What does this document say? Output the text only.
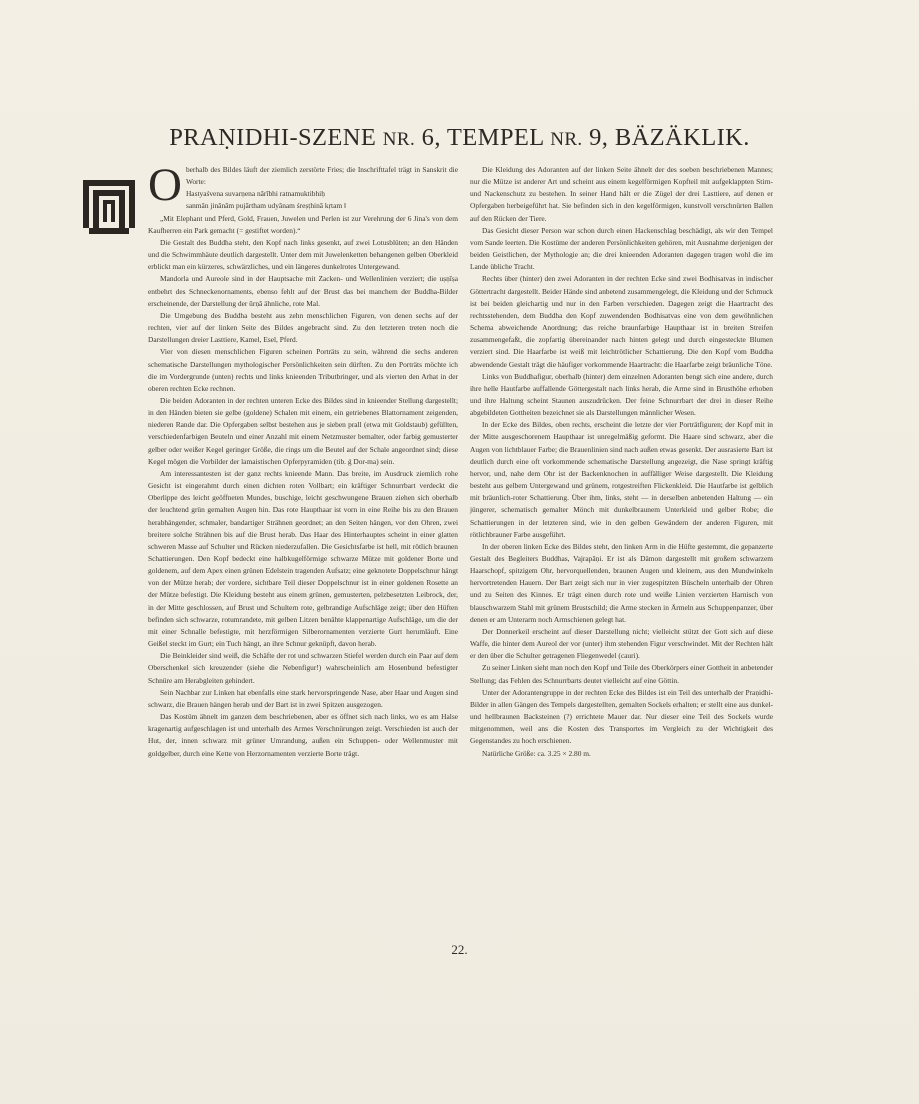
PRAṆIDHI-SZENE NR. 6, TEMPEL NR. 9, BÄZÄKLIK.
O berhalb des Bildes läuft der ziemlich zerstörte Fries; die Inschrifttafel trägt in Sanskrit die Worte:

Hastyaśvena suvarṇena nārībhi ratnamuktibhiḥ

sanmān jinānām pujārtham udyānam śreṣṭhinā kṛtam ‖

„Mit Elephant und Pferd, Gold, Frauen, Juwelen und Perlen ist zur Verehrung der 6 Jina's von dem Kaufherren ein Park gemacht (= gestiftet worden).“

Die Gestalt des Buddha steht, den Kopf nach links gesenkt, auf zwei Lotusblüten; an den Händen und die Schwimmhäute deutlich dargestellt. Unter dem mit Juwelenketten behangenen gelben Oberkleid erblickt man ein kürzeres, schwärzliches, und ein längeres dunkelrotes Untergewand.

Mandorla und Aureole sind in der Hauptsache mit Zacken- und Wellenlinien verziert; die uṣṇīṣa entbehrt des Schneckenornaments, ebenso fehlt auf der Brust das bei manchem der Buddha-Bilder erscheinende, der Darstellung der ūrṇā ähnliche, rote Mal.

Die Umgebung des Buddha besteht aus zehn menschlichen Figuren, von denen sechs auf der rechten, vier auf der linken Seite des Bildes angebracht sind. Zu den letzteren treten noch die Darstellungen dreier Lasttiere, Kamel, Esel, Pferd.

Vier von diesen menschlichen Figuren scheinen Porträts zu sein, während die sechs anderen schematische Darstellungen mythologischer Persönlichkeiten sein dürften. Zu den Porträts möchte ich die im Vordergrunde (unten) rechts und links knieenden Tributbringer, und als vierten den Arhat in der oberen rechten Ecke rechnen.

Die beiden Adoranten in der rechten unteren Ecke des Bildes sind in knieender Stellung dargestellt; in den Händen bieten sie gelbe (goldene) Schalen mit einem, ein getriebenes Blattornament zeigenden, niederen Rande dar. Die Opfergaben selbst bestehen aus je sieben prall (etwa mit Goldstaub) gefüllten, verschiedenfarbigen Beuteln und einer Anzahl mit einem Netzmuster bemalter, oder farbig gemusterter gelber oder weißer Kegel geringer Größe, die rings um die Beutel auf der Schale angeordnet sind; diese Kegel mögen die Vorbilder der lamaistischen Opferpyramiden (tib. ǵ Dor-ma) sein.

Am interessantesten ist der ganz rechts knieende Mann. Das breite, im Ausdruck ziemlich rohe Gesicht ist eingerahmt durch einen dichten roten Vollbart; ein kräftiger Schnurrbart verdeckt die Oberlippe des leicht geöffneten Mundes, buschige, leicht geschwungene Brauen ziehen sich oberhalb der leuchtend grün gemalten Augen hin. Das rote Haupthaar ist vorn in eine Reihe bis zu den Brauen herabhängender, schmaler, bandartiger Strähnen geordnet; an den Seiten hängen, vor den Ohren, zwei breitere solche Strähnen bis auf die Brust herab. Das Haar des Hinterhauptes scheint in einer glatten schweren Masse auf Schulter und Rücken niederzufallen. Die Gesichtsfarbe ist hell, mit rötlich braunen Schattierungen. Den Kopf bedeckt eine halbkugelförmige schwarze Mütze mit goldener Borte und goldenem, auf dem Apex einen grünen Edelstein tragenden Aufsatz; eine geknotete Doppelschnur hängt von der Mütze herab; der vordere, sichtbare Teil dieser Doppelschnur ist in einer goldenen Rosette an der Mütze befestigt. Die Kleidung besteht aus einem grünen, gemusterten, pelzbesetzten Leibrock, der, in der Mitte geschlossen, auf Brust und Schultern rote, gelbrandige Aufschläge zeigt; über den Hüften befinden sich schwarze, rotumrandete, mit gelben Litzen benähte klappenartige Aufschläge, um die der mit einer Schnalle befestigte, mit herzförmigen Silberornamenten verzierte Gurt herumläuft. Eine Geißel steckt im Gurt; ein Tuch hängt, an ihre Schnur geknüpft, davon herab.

Die Beinkleider sind weiß, die Schäfte der rot und schwarzen Stiefel werden durch ein Paar auf dem Oberschenkel sich kreuzender (siehe die Nebenfigur!) wahrscheinlich am Hosenbund befestigter Schnüre am Herabgleiten gehindert.

Sein Nachbar zur Linken hat ebenfalls eine stark hervorspringende Nase, aber Haar und Augen sind schwarz, die Brauen hängen herab und der Bart ist in zwei Spitzen ausgezogen.

Das Kostüm ähnelt im ganzen dem beschriebenen, aber es öffnet sich nach links, wo es am Halse kragenartig aufgeschlagen ist und unterhalb des Armes Verschnürungen zeigt. Verschieden ist auch der Hut, der, innen schwarz mit grüner Umrandung, außen ein Schuppen- oder Wellenmuster mit goldgelber, durch eine Kette von Herzornamenten verzierte Borte trägt.

Die Kleidung des Adoranten auf der linken Seite ähnelt der des soeben beschriebenen Mannes; nur die Mütze ist anderer Art und scheint aus einem kegelförmigen Kopfteil mit aufgeklappten Stirn- und Nackenschutz zu bestehen. In seiner Hand hält er die Zügel der drei Lasttiere, auf denen er Opfergaben herbeigeführt hat. Sie befinden sich in den kegelförmigen, kunstvoll verschnürten Ballen auf den Rücken der Tiere.

Das Gesicht dieser Person war schon durch einen Hackenschlag beschädigt, als wir den Tempel vom Sande leerten. Die Kostüme der anderen Persönlichkeiten gehören, mit Ausnahme derjenigen der beiden Geistlichen, der Mythologie an; die drei knieenden Adoranten dagegen tragen wohl die im Lande übliche Tracht.

Rechts über (hinter) den zwei Adoranten in der rechten Ecke sind zwei Bodhisatvas in indischer Göttertracht dargestellt. Beider Hände sind anbetend zusammengelegt, die Kleidung und der Schmuck ist bei beiden gleichartig und nur in den Farben verschieden. Dagegen zeigt die Haartracht des rechtsstehenden, dem Buddha den Kopf zuwendenden Bodhisatvas eine von dem gewöhnlichen Schema abweichende Anordnung; das reiche braunfarbige Haupthaar ist in breiten Streifen zusammengefaßt, die zopfartig übereinander nach hinten gelegt und durch eingesteckte Blumen verziert sind. Die Haarfarbe ist weiß mit leichtrötlicher Schattierung. Die den Kopf vom Buddha abwendende Gestalt trägt die häufiger vorkommende Haartracht: die Haarfarbe zeigt bräunliche Töne.

Links von Buddhafigur, oberhalb (hinter) dem einzelnen Adoranten bengt sich eine andere, durch ihre helle Hautfarbe auffallende Göttergestalt nach links herab, die Arme sind in Brusthöhe erhoben und ihre Haltung scheint Staunen auszudrücken. Der feine Schnurrbart der drei in dieser Reihe abgebildeten Gottheiten bezeichnet sie als Darstellungen männlicher Wesen.

In der Ecke des Bildes, oben rechts, erscheint die letzte der vier Porträtfiguren; der Kopf mit in der Mitte ausgeschorenem Haupthaar ist unregelmäßig geformt. Die Haare sind schwarz, aber die Augen von lichtblauer Farbe; die Brauenlinien sind nach außen etwas gesenkt. Der ausrasierte Bart ist deutlich durch eine oft vorkommende schematische Darstellung angezeigt, die Nase springt kräftig hervor, und, nahe dem Ohr ist der Backenknochen in auffälliger Weise dargestellt. Die Kleidung besteht aus gelbem Untergewand und grünem, rotgestreiften Flickenkleid. Die Hautfarbe ist gelblich mit bräunlich-roter Schattierung. Über ihm, links, steht — in derselben anbetenden Haltung — ein jüngerer, schematisch gemalter Mönch mit dunkelbraunem Unterkleid und gelber Robe; die Schattierungen in der letzteren sind, wie in den gelben Gewändern der anderen Figuren, mit rötlichbrauner Farbe ausgeführt.

In der oberen linken Ecke des Bildes steht, den linken Arm in die Hüfte gestemmt, die gepanzerte Gestalt des Begleiters Buddhas, Vajrapāṇi. Er ist als Dämon dargestellt mit großem schwarzem Haarschopf, spitzigem Ohr, hervorquellenden, braunen Augen und kleinem, aus den Mundwinkeln hervortretenden Hauern. Der Bart zeigt sich nur in vier zugespitzten Büscheln unterhalb der Ohren und zu Seiten des Kinnes. Er trägt einen durch rote und weiße Linien verzierten Harnisch von blauschwarzem Stahl mit grünem Brustschild; die Arme stecken in Ärmeln aus Schuppenpanzer, über denen er am Unterarm noch Armschienen gelegt hat.

Der Donnerkeil erscheint auf dieser Darstellung nicht; vielleicht stützt der Gott sich auf diese Waffe, die hinter dem Aureol der vor (unter) ihm stehenden Figur verschwindet. Mit der Rechten hält er den über die Schulter getragenen Fliegenwedel (cauri).

Zu seiner Linken sieht man noch den Kopf und Teile des Oberkörpers einer Gottheit in anbetender Stellung; das Fehlen des Schnurrbarts deutet vielleicht auf eine Göttin.

Unter der Adorantengruppe in der rechten Ecke des Bildes ist ein Teil des unterhalb der Praṇidhi-Bilder in allen Gängen des Tempels dargestellten, gemalten Sockels erhalten; er stellt eine aus dunkel- und hellbraunen Backsteinen (?) errichtete Mauer dar. Nur dieser eine Teil des Sockels wurde mitgenommen, weil ans die Kosten des Transportes im Vergleich zu der Wichtigkeit des Gegenstandes zu hoch erschienen.

Natürliche Größe: ca. 3.25 × 2.80 m.

22.
